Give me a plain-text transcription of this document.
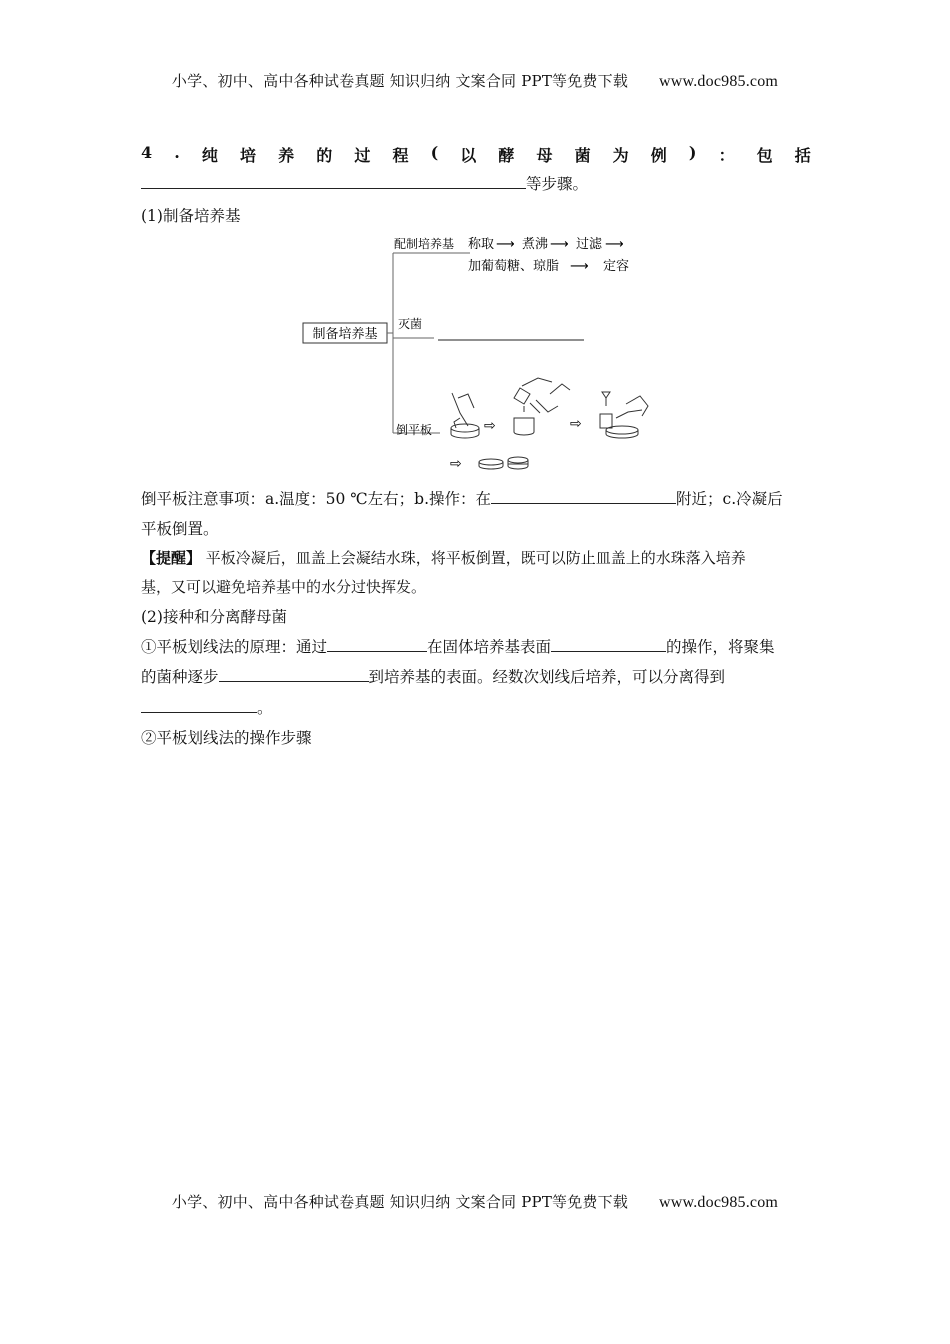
小学、初中、高中各种试卷真题 知识归纳 文案合同 PPT等免费下载 www.doc985.com
4 . 纯 培 养 的 过 程 ( 以 酵 母 菌 为 例 ) ： 包 括
等步骤。
(1)制备培养基
制备培养基
配制培养基 称取 ⟶ 煮沸 ⟶ 过滤 ⟶
加葡萄糖、琼脂 ⟶ 定容
灭菌
倒平板	⇨	⇨
⇨
倒平板注意事项：a.温度：50 ℃左右；b.操作：在	附近；c.冷凝后
平板倒置。
【提醒】 平板冷凝后，皿盖上会凝结水珠，将平板倒置，既可以防止皿盖上的水珠落入培养
基，又可以避免培养基中的水分过快挥发。
(2)接种和分离酵母菌
①平板划线法的原理：通过	在固体培养基表面	的操作，将聚集
的菌种逐步	到培养基的表面。经数次划线后培养，可以分离得到
。
②平板划线法的操作步骤
小学、初中、高中各种试卷真题 知识归纳 文案合同 PPT等免费下载 www.doc985.com
